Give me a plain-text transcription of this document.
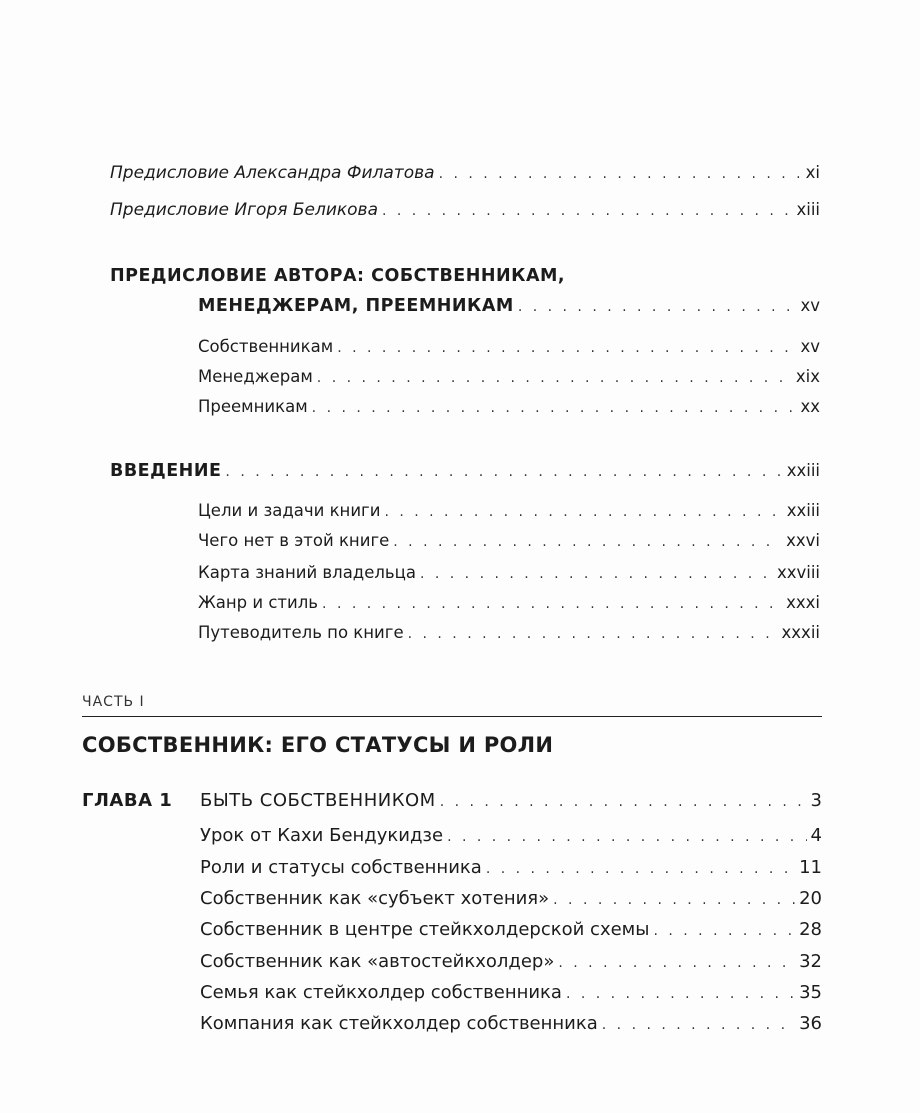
Предисловие Александра Филатова . . .	xi
Предисловие Игоря Беликова . . .	xiii
ПРЕДИСЛОВИЕ АВТОРА: СОБСТВЕННИКАМ,
МЕНЕДЖЕРАМ, ПРЕЕМНИКАМ . . .	xv
Собственникам . . .	xv
Менеджерам . . .	xix
Преемникам . . .	xx
ВВЕДЕНИЕ . . .	xxiii
Цели и задачи книги . . .	xxiii
Чего нет в этой книге . . .	xxvi
Карта знаний владельца . . .	xxviii
Жанр и стиль . . .	xxxi
Путеводитель по книге . . .	xxxii
ЧАСТЬ I
СОБСТВЕННИК: ЕГО СТАТУСЫ И РОЛИ
ГЛАВА 1 БЫТЬ СОБСТВЕННИКОМ . . .	3
Урок от Кахи Бендукидзе . . .	4
Роли и статусы собственника . . .	11
Собственник как «субъект хотения» . . .	20
Собственник в центре стейкхолдерской схемы . . .	28
Собственник как «автостейкхолдер» . . .	32
Семья как стейкхолдер собственника . . .	35
Компания как стейкхолдер собственника . . .	36
